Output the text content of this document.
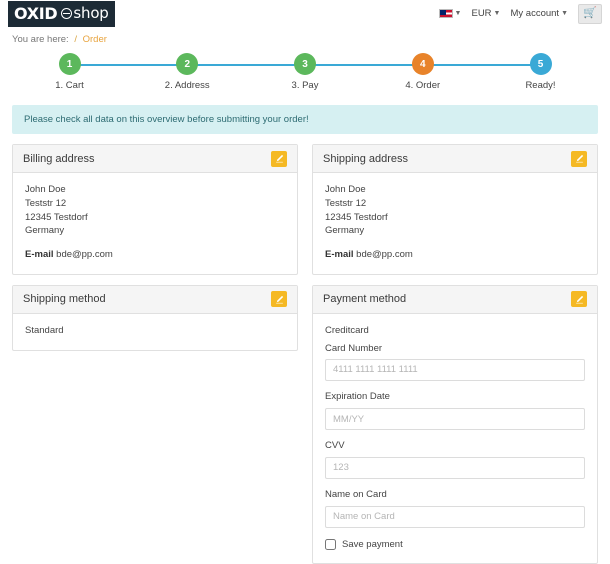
OXID	shop	▼ EUR ▼ My account ▼ 🛒
You are here: / Order
1
1. Cart
2
2. Address
3
3. Pay
4
4. Order
5
Ready!
Please check all data on this overview before submitting your order!
Billing address
John Doe
Teststr 12
12345 Testdorf
Germany
E-mail bde@pp.com
Shipping method
Standard
Shipping address
John Doe
Teststr 12
12345 Testdorf
Germany
E-mail bde@pp.com
Payment method
Creditcard
Card Number
4111 1111 1111 1111
Expiration Date
MM/YY
CVV
123
Name on Card
Name on Card
Save payment
